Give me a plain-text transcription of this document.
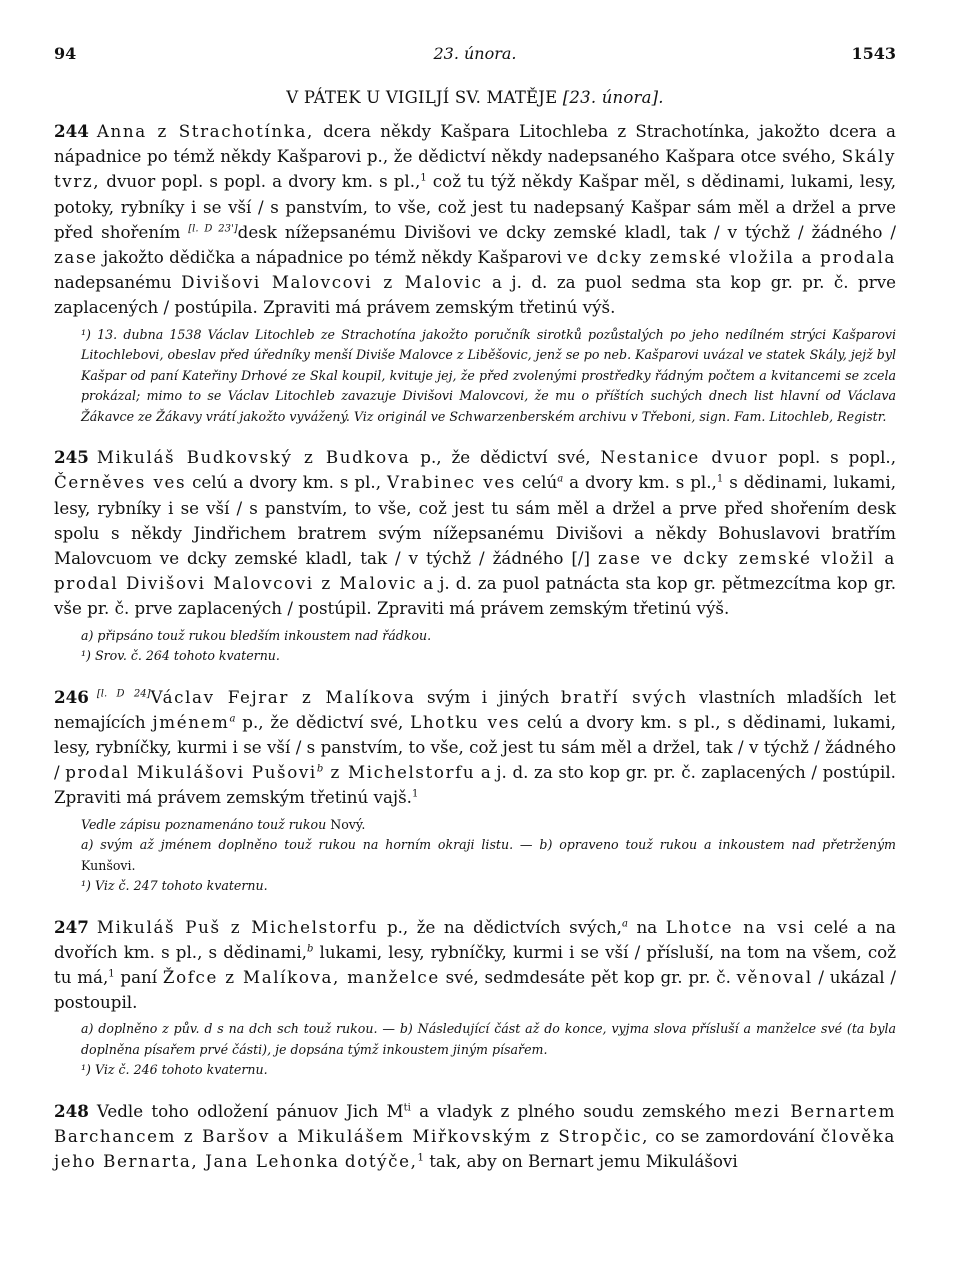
94	23. února.	1543
V PÁTEK U VIGILJÍ SV. MATĚJE [23. února].

244 Anna z Strachotínka, dcera někdy Kašpara Litochleba z Strachotínka, jakožto dcera a nápadnice po témž někdy Kašparovi p., že dědictví někdy nadepsaného Kašpara otce svého, Skály tvrz, dvuor popl. s popl. a dvory km. s pl.,$^1$ což tu týž někdy Kašpar měl, s dědinami, lukami, lesy, potoky, rybníky i se vší / s panstvím, to vše, což jest tu nadepsaný Kašpar sám měl a držel a prve před shořením [l. D 23']desk nížepsanému Divišovi ve dcky zemské kladl, tak / v týchž / žádného / zase jakožto dědička a nápadnice po témž někdy Kašparovi ve dcky zemské vložila a prodala nadepsanému Divišovi Malovcovi z Malovic a j. d. za puol sedma sta kop gr. pr. č. prve zaplacených / postúpila. Zpraviti má právem zemským třetinú výš.

¹) 13. dubna 1538 Václav Litochleb ze Strachotína jakožto poručník sirotků pozůstalých po jeho nedílném strýci Kašparovi Litochlebovi, obeslav před úředníky menší Diviše Malovce z Liběšovic, jenž se po neb. Kašparovi uvázal ve statek Skály, jejž byl Kašpar od paní Kateřiny Drhové ze Skal koupil, kvituje jej, že před zvolenými prostředky řádným počtem a kvitancemi se zcela prokázal; mimo to se Václav Litochleb zavazuje Divišovi Malovcovi, že mu o příštích suchých dnech list hlavní od Václava Žákavce ze Žákavy vrátí jakožto vyvážený. Viz originál ve Schwarzenberském archivu v Třeboni, sign. Fam. Litochleb, Registr.

245 Mikuláš Budkovský z Budkova p., že dědictví své, Nestanice dvuor popl. s popl., Černěves ves celú a dvory km. s pl., Vrabinec ves celú$^a$ a dvory km. s pl.,$^1$ s dědinami, lukami, lesy, rybníky i se vší / s panstvím, to vše, což jest tu sám měl a držel a prve před shořením desk spolu s někdy Jindřichem bratrem svým nížepsanému Divišovi a někdy Bohuslavovi bratřím Malovcuom ve dcky zemské kladl, tak / v týchž / žádného [/] zase ve dcky zemské vložil a prodal Divišovi Malovcovi z Malovic a j. d. za puol patnácta sta kop gr. pětmezcítma kop gr. vše pr. č. prve zaplacených / postúpil. Zpraviti má právem zemským třetinú výš.

a) připsáno touž rukou bledším inkoustem nad řádkou.

¹) Srov. č. 264 tohoto kvaternu.

246 [l. D 24]Václav Fejrar z Malíkova svým i jiných bratří svých vlastních mladších let nemajících jménem$^a$ p., že dědictví své, Lhotku ves celú a dvory km. s pl., s dědinami, lukami, lesy, rybníčky, kurmi i se vší / s panstvím, to vše, což jest tu sám měl a držel, tak / v týchž / žádného / prodal Mikulášovi Pušovi$^b$ z Michelstorfu a j. d. za sto kop gr. pr. č. zaplacených / postúpil. Zpraviti má právem zemským třetinú vajš.$^1$

Vedle zápisu poznamenáno touž rukou Nový.

a) svým až jménem doplněno touž rukou na horním okraji listu. — b) opraveno touž rukou a inkoustem nad přetrženým Kunšovi.

¹) Viz č. 247 tohoto kvaternu.

247 Mikuláš Puš z Michelstorfu p., že na dědictvích svých,$^a$ na Lhotce na vsi celé a na dvořích km. s pl., s dědinami,$^b$ lukami, lesy, rybníčky, kurmi i se vší / přísluší, na tom na všem, což tu má,$^1$ paní Žofce z Malíkova, manželce své, sedmdesáte pět kop gr. pr. č. věnoval / ukázal / postoupil.

a) doplněno z pův. d s na dch sch touž rukou. — b) Následující část až do konce, vyjma slova přísluší a manželce své (ta byla doplněna písařem prvé části), je dopsána týmž inkoustem jiným písařem.

¹) Viz č. 246 tohoto kvaternu.

248 Vedle toho odložení pánuov Jich $M^{ti}$ a vladyk z plného soudu zemského mezi Bernartem Barchancem z Baršov a Mikulášem Miřkovským z Stropčic, co se zamordování člověka jeho Bernarta, Jana Lehonka dotýče,$^1$ tak, aby on Bernart jemu Mikulášovi
